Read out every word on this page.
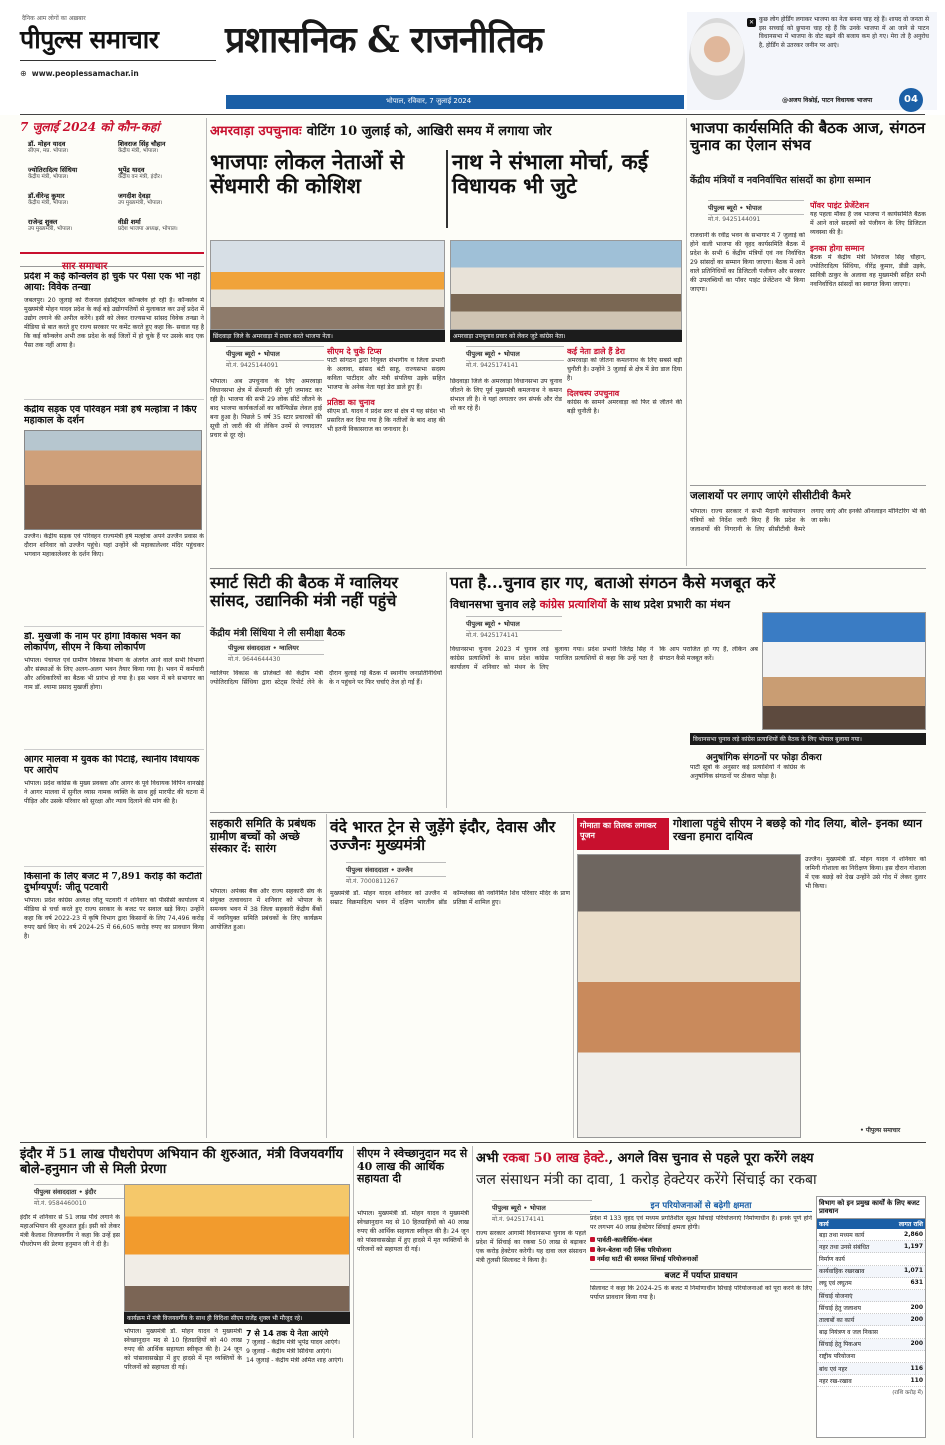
दैनिक आम लोगों का अख़बार
पीपुल्स समाचार
⊕ www.peoplessamachar.in
प्रशासनिक & राजनीतिक
भोपाल, रविवार, 7 जुलाई 2024
✕ कुछ लोग होर्डिंग लगाकर भाजपा का नेता बनना चाह रहे हैं। शायद वो जनता से इस सच्चाई को छुपाना चाह रहे हैं कि उनके भाजपा में आ जाने से पाटन विधानसभा में भाजपा के वोट बढ़ने की बजाय कम हो गए। मेरा तो है अनुरोध है, होर्डिंग से उतरकर जनीन पर आएं।
@अजय विश्नोई, पाटन विधायक भाजपा	04
7 जुलाई 2024 को कौन-कहां
डॉ. मोहन यादव
सीएम, मप्र. भोपाल।
शिवराज सिंह चौहान
केंद्रीय मंत्री, भोपाल।
ज्योतिरादित्य सिंधिया
केंद्रीय मंत्री, भोपाल।
भूपेंद्र यादव
केंद्रीय वन मंत्री, इंदौर।
डॉ.वीरेन्द्र कुमार
केंद्रीय मंत्री, भोपाल।
जगदीश देवड़ा
उप मुख्यमंत्री, भोपाल।
राजेन्द्र शुक्ल
उप मुख्यमंत्री, भोपाल।
वीडी शर्मा
प्रदेश भाजपा अध्यक्ष, भोपाल।
सार समाचार
प्रदेश में कई कॉन्क्लेव हो चुके पर पैसा एक भी नहीं आया: विवेक तन्खा
जबलपुर। 20 जुलाई को रीजनल इंडस्ट्रियल कॉन्क्लेव हो रही है। कॉन्क्लेव में मुख्यमंत्री मोहन यादव प्रदेश के कई बड़े उद्योगपतियों से मुलाकात कर उन्हें प्रदेश में उद्योग लगाने की अपील करेंगे। इसी को लेकर राज्यसभा सांसद विवेक तन्खा ने मीडिया से बात करते हुए राज्य सरकार पर कमेंट करते हुए कहा कि- सवाल यह है कि कई कॉन्क्लेव अभी तक प्रदेश के कई जिलों में हो चुके हैं पर उसके बाद एक पैसा तक नहीं आया है।
केंद्रीय सड़क एवं परिवहन मंत्री हर्ष मल्होत्रा ने किए महाकाल के दर्शन
उज्जैन। केंद्रीय सड़क एवं परिवहन राज्यमंत्री हर्ष मल्होत्रा अपने उज्जैन प्रवास के दौरान शनिवार को उज्जैन पहुंचे। यहां उन्होंने श्री महाकालेश्वर मंदिर पहुंचकर भगवान महाकालेश्वर के दर्शन किए।
डॉ. मुखर्जी के नाम पर होगा विकास भवन का लोकार्पण, सीएम ने किया लोकार्पण
भोपाल। पंचायत एवं ग्रामीण विकास विभाग के अंतर्गत आने वाले सभी विभागों और संस्थाओं के लिए अलग-अलग भवन तैयार किया गया है। भवन में कर्मचारी और अधिकारियों का बैठक भी प्रारंभ हो गया है। इस भवन में बने सभागार का नाम डॉ. श्यामा प्रसाद मुखर्जी होगा।
आगर मालवा में युवक की पिटाई, स्थानीय विधायक पर आरोप
भोपाल। प्रदेश कांग्रेस के मुख्य प्रवक्ता और आगर के पूर्व विधायक विपिन वानखेड़े ने आगर मालवा में सुनील व्यास नामक व्यक्ति के साथ हुई मारपीट की घटना में पीड़ित और उसके परिवार को सुरक्षा और न्याय दिलाने की मांग की है।
किसानों के लिए बजट में 7,891 करोड़ की कटौती दुर्भाग्यपूर्ण: जीतू पटवारी
भोपाल। प्रदेश कांग्रेस अध्यक्ष जीतू पटवारी ने शनिवार को पीसीसी कार्यालय में मीडिया से चर्चा करते हुए राज्य सरकार के बजट पर सवाल खड़े किए। उन्होंने कहा कि वर्ष 2022-23 में कृषि विभाग द्वारा किसानों के लिए 74,496 करोड़ रुपए खर्च किए थे। वर्ष 2024-25 में 66,605 करोड़ रुपए का प्रावधान किया है।
अमरवाड़ा उपचुनावः वोटिंग 10 जुलाई को, आखिरी समय में लगाया जोर
भाजपाः लोकल नेताओं से सेंधमारी की कोशिश
नाथ ने संभाला मोर्चा, कई विधायक भी जुटे
छिंदवाड़ा जिले के अमरवाड़ा में प्रचार करते भाजपा नेता।	अमरवाड़ा उपचुनाव प्रचार को लेकर जुटे कांग्रेस नेता।
पीपुल्स ब्यूरो • भोपाल
मो.नं. 9425144091
भोपाल। अब उपचुनाव के लिए अमरवाड़ा विधानसभा क्षेत्र में सेंधमारी की पूरी जमावट कर रही है। भाजपा की सभी 29 लोक सीटें जीतने के बाद भाजपा कार्यकर्ताओं का कॉन्फिडेंस लेवल हाई बना हुआ है। पिछले 5 वर्ष 35 स्टार प्रचारकों की सूची तो जारी की थी लेकिन उनमें से ज्यादातर प्रचार से दूर रहे।
सीएम दे चुके टिप्स
पार्टी सांगठन द्वारा नियुक्त संभागीय व जिला प्रभारी के अलावा, सांसद बंटी साहू, राज्यसभा सदस्य कविता पाटीदार और मंत्री संपतिया उइके सहित भाजपा के अनेक नेता यहां डेरा डाले हुए हैं।
प्रतिष्ठा का चुनाव
सीएम डॉ. यादव ने प्रदेश स्तर से क्षेत्र में यह संदेश भी प्रसारित कर दिया गया है कि नतीजों के बाद शाह की भी इतनी विकासराज का जनाधार है।
पीपुल्स ब्यूरो • भोपाल
मो.नं. 9425174141
छिंदवाड़ा जिले के अमरवाड़ा विधानसभा उप चुनाव जीतने के लिए पूर्व मुख्यमंत्री कमलनाथ ने कमान संभाल ली है। वे यहां लगातार जन संपर्क और रोड शो कर रहे हैं।
कई नेता डाले हैं डेरा
अमरवाड़ा को जीतना कमलनाथ के लिए सबसे बड़ी चुनौती है। उन्होंने 3 जुलाई से क्षेत्र में डेरा डाल दिया है।
दिलचस्प उपचुनाव
कांग्रेस के सामने अमरवाड़ा को फिर से जीतने की बड़ी चुनौती है।
भाजपा कार्यसमिति की बैठक आज, संगठन चुनाव का ऐलान संभव
केंद्रीय मंत्रियों व नवनिर्वाचित सांसदों का होगा सम्मान
पीपुल्स ब्यूरो • भोपाल
मो.नं. 9425144091
राजधानी के रवींद्र भवन के सभागार में 7 जुलाई को होने वाली भाजपा की वृहद कार्यसमिति बैठक में प्रदेश के सभी 6 केंद्रीय मंत्रियों एवं नव निर्वाचित 29 सांसदों का सम्मान किया जाएगा। बैठक में आने वाले प्रतिनिधियों का डिजिटली पंजीयन और सरकार की उपलब्धियों का पॉवर पाइंट प्रेजेंटेशन भी किया जाएगा।
पॉवर पाइंट प्रेजेंटेशन
यह पहला मौका है जब भाजपा ने कार्यसमिति बैठक में आने वाले सदस्यों को पंजीयन के लिए डिजिटल व्यवस्था की है।
इनका होगा सम्मान
बैठक में केंद्रीय मंत्री शिवराज सिंह चौहान, ज्योतिरादित्य सिंधिया, वीरेंद्र कुमार, डीडी उइके, सावित्री ठाकुर के अलावा वह मुख्यमंत्री सहित सभी नवनिर्वाचित सांसदों का स्वागत किया जाएगा।
जलाशयों पर लगाए जाएंगे सीसीटीवी कैमरे
भोपाल। राज्य सरकार ने सभी मैदानी कार्यपालन यंत्रियों को निर्देश जारी किए हैं कि प्रदेश के जलाशयों की निगरानी के लिए सीसीटीवी कैमरे लगाए जाएं और इनकी ऑनलाइन मॉनिटरिंग भी की जा सके।
स्मार्ट सिटी की बैठक में ग्वालियर सांसद, उद्यानिकी मंत्री नहीं पहुंचे
केंद्रीय मंत्री सिंधिया ने ली समीक्षा बैठक
पीपुल्स संवाददाता • ग्वालियर
मो.नं. 9644644430
ग्वालियर विकास के प्रोजेक्टों की केंद्रीय मंत्री ज्योतिरादित्य सिंधिया द्वारा स्टेट्स रिपोर्ट लेने के दौरान बुलाई गई बैठक में स्थानीय जनप्रतिनिधियों के न पहुंचने पर फिर चर्चाएं तेज हो गईं हैं।
पता है...चुनाव हार गए, बताओ संगठन कैसे मजबूत करें
विधानसभा चुनाव लड़े कांग्रेस प्रत्याशियों के साथ प्रदेश प्रभारी का मंथन
पीपुल्स ब्यूरो • भोपाल
मो.नं. 9425174141
विधानसभा चुनाव 2023 में चुनाव लड़े कांग्रेस प्रत्याशियों के साथ प्रदेश कांग्रेस कार्यालय में शनिवार को मंथन के लिए बुलाया गया। प्रदेश प्रभारी जितेंद्र सिंह ने पराजित प्रत्याशियों से कहा कि उन्हें पता है कि आप पराजित हो गए हैं, लेकिन अब संगठन कैसे मजबूत करें।
विधानसभा चुनाव लड़े कांग्रेस प्रत्याशियों की बैठक के लिए भोपाल बुलाया गया।
अनुषांगिक संगठनों पर फोड़ा ठीकरा
पार्टी सूत्रों के अनुसार कई प्रत्याशियों ने कांग्रेस के अनुषांगिक संगठनों पर ठीकरा फोड़ा है।
सहकारी समिति के प्रबंधक ग्रामीण बच्चों को अच्छे संस्कार दें: सारंग
भोपाल। अपेक्स बैंक और राज्य सहकारी संघ के संयुक्त तत्वावधान में शनिवार को भोपाल के समन्वय भवन में 38 जिला सहकारी केंद्रीय बैंकों में नवनियुक्त समिति प्रबंधकों के लिए कार्यक्रम आयोजित हुआ।
वंदे भारत ट्रेन से जुड़ेंगे इंदौर, देवास और उज्जैनः मुख्यमंत्री
पीपुल्स संवाददाता • उज्जैन
मो.नं. 7000811267
मुख्यमंत्री डॉ. मोहन यादव शनिवार को उज्जैन में सम्राट विक्रमादित्य भवन में दक्षिण भारतीय ब्रॉड कॉम्प्लेक्स की नवनिर्मित शिव परिवार मंदिर के प्राण प्रतिष्ठा में शामिल हुए।
गोमाता का तिलक लगाकर पूजन
गोशाला पहुंचे सीएम ने बछड़े को गोद लिया, बोले- इनका ध्यान रखना हमारा दायित्व
उज्जैन। मुख्यमंत्री डॉ. मोहन यादव ने शनिवार को जमिनी गोशाला का निरीक्षण किया। इस दौरान गोशाला में एक बछड़े को देख उन्होंने उसे गोद में लेकर दुलार भी किया।
• पीपुल्स समाचार
इंदौर में 51 लाख पौधरोपण अभियान की शुरुआत, मंत्री विजयवर्गीय बोले-हनुमान जी से मिली प्रेरणा
पीपुल्स संवाददाता • इंदौर
मो.नं. 9584460010
इंदौर में शनिवार से 51 लाख पौधे लगाने के महाअभियान की शुरुआत हुई। इसी को लेकर मंत्री कैलाश विजयवर्गीय ने कहा कि उन्हें इस पौधरोपण की प्रेरणा हनुमान जी ने दी है।
कार्यक्रम में मंत्री विजयवर्गीय के साथ ही विदिशा सीएम राजेंद्र शुक्ल भी मौजूद रहे।
भोपाल। मुख्यमंत्री डॉ. मोहन यादव ने मुख्यमंत्री स्वेच्छानुदान मद से 10 हितग्राहियों को 40 लाख रुपए की आर्थिक सहायता स्वीकृत की है। 24 जून को पांसावासखेड़ा में हुए हादसे में मृत व्यक्तियों के परिजनों को सहायता दी गई।
7 से 14 तक ये नेता आएंगे
7 जुलाई - केंद्रीय मंत्री भूपेंद्र यादव आएंगे।
9 जुलाई - केंद्रीय मंत्री सिंधिया आएंगे।
14 जुलाई - केंद्रीय मंत्री अमित शाह आएंगे।
सीएम ने स्वेच्छानुदान मद से 40 लाख की आर्थिक सहायता दी
भोपाल। मुख्यमंत्री डॉ. मोहन यादव ने मुख्यमंत्री स्वेच्छानुदान मद से 10 हितग्राहियों को 40 लाख रुपए की आर्थिक सहायता स्वीकृत की है। 24 जून को पांसावासखेड़ा में हुए हादसे में मृत व्यक्तियों के परिजनों को सहायता दी गई।
अभी रकबा 50 लाख हेक्टे., अगले विस चुनाव से पहले पूरा करेंगे लक्ष्य
जल संसाधन मंत्री का दावा, 1 करोड़ हेक्टेयर करेंगे सिंचाई का रकबा
पीपुल्स ब्यूरो • भोपाल
मो.नं. 9425174141
राज्य सरकार आगामी विधानसभा चुनाव के पहले प्रदेश में सिंचाई का रकबा 50 लाख से बढ़ाकर एक करोड़ हेक्टेयर करेगी। यह दावा जल संसाधन मंत्री तुलसी सिलावट ने किया है।
इन परियोजनाओं से बढ़ेगी क्षमता
प्रदेश में 133 वृहद एवं मध्यम प्रगतिशील सूक्ष्म सिंचाई परियोजनाएं निर्माणाधीन हैं। इनके पूर्ण होने पर लगभग 40 लाख हेक्टेयर सिंचाई क्षमता होगी।
पार्वती-कालीसिंध-चंबल
केन-बेतवा नदी लिंक परियोजना
नर्मदा घाटी की समस्त सिंचाई परियोजनाओं
बजट में पर्याप्त प्रावधान
सिलावट ने कहा कि 2024-25 के बजट में निर्माणाधीन सिंचाई परियोजनाओं को पूरा करने के लिए पर्याप्त प्रावधान किया गया है।
विभाग को इन प्रमुख कार्यों के लिए बजट प्रावधान
कार्य	लागत राशि
बड़ा तथा मध्यम कार्य	2,860
नहर तथा उनसे संबंधित	1,197
निर्माण कार्य
कार्यवाहिक रखरखाव	1,071
लघु एवं लघुतम	631
सिंचाई योजनाएं
सिंचाई हेतु जलाशय	200
तालाबों का कार्य	200
बाढ़ नियंत्रण व जल निकास
सिंचाई हेतु पिकअप	200
राष्ट्रीय परियोजना
बांध एवं नहर	116
नहर रख-रखाव	110
(राशि करोड़ में)
